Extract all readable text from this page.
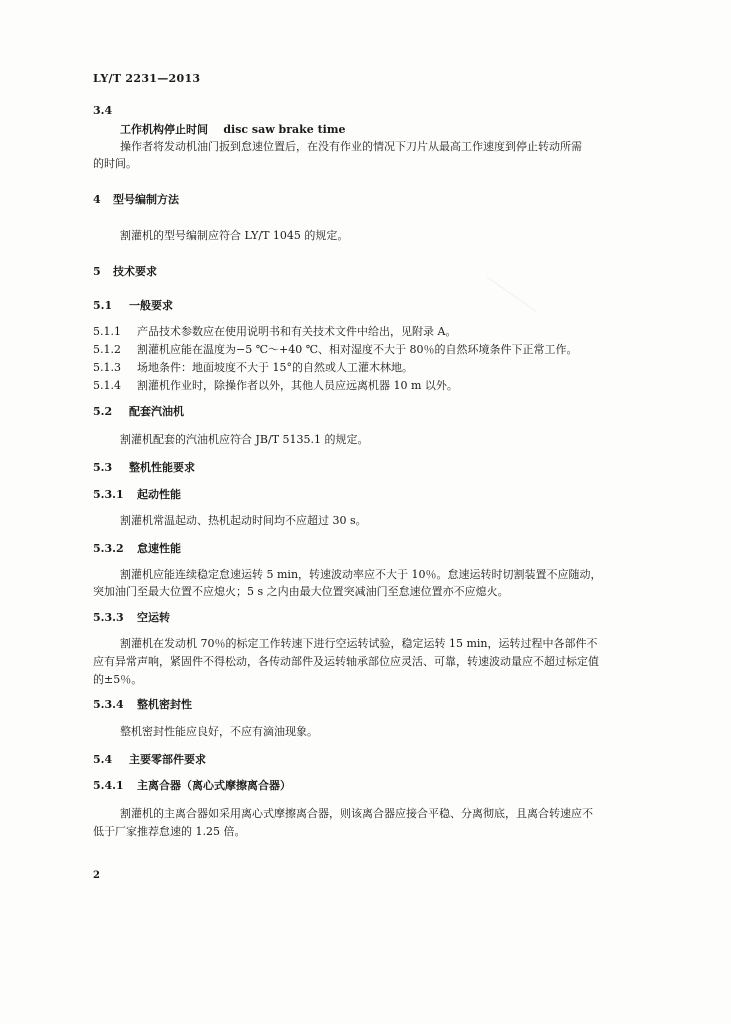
LY/T 2231—2013
3.4
工作机构停止时间 disc saw brake time
操作者将发动机油门扳到怠速位置后，在没有作业的情况下刀片从最高工作速度到停止转动所需
的时间。
4 型号编制方法
割灌机的型号编制应符合 LY/T 1045 的规定。
5 技术要求
5.1 一般要求
5.1.1 产品技术参数应在使用说明书和有关技术文件中给出，见附录 A。
5.1.2 割灌机应能在温度为−5 ℃～+40 ℃、相对湿度不大于 80％的自然环境条件下正常工作。
5.1.3 场地条件：地面坡度不大于 15°的自然或人工灌木林地。
5.1.4 割灌机作业时，除操作者以外，其他人员应远离机器 10 m 以外。
5.2 配套汽油机
割灌机配套的汽油机应符合 JB/T 5135.1 的规定。
5.3 整机性能要求
5.3.1 起动性能
割灌机常温起动、热机起动时间均不应超过 30 s。
5.3.2 怠速性能
割灌机应能连续稳定怠速运转 5 min，转速波动率应不大于 10％。怠速运转时切割装置不应随动，
突加油门至最大位置不应熄火；5 s 之内由最大位置突减油门至怠速位置亦不应熄火。
5.3.3 空运转
割灌机在发动机 70％的标定工作转速下进行空运转试验，稳定运转 15 min，运转过程中各部件不
应有异常声响，紧固件不得松动，各传动部件及运转轴承部位应灵活、可靠，转速波动量应不超过标定值
的±5％。
5.3.4 整机密封性
整机密封性能应良好，不应有滴油现象。
5.4 主要零部件要求
5.4.1 主离合器（离心式摩擦离合器）
割灌机的主离合器如采用离心式摩擦离合器，则该离合器应接合平稳、分离彻底，且离合转速应不
低于厂家推荐怠速的 1.25 倍。
2
